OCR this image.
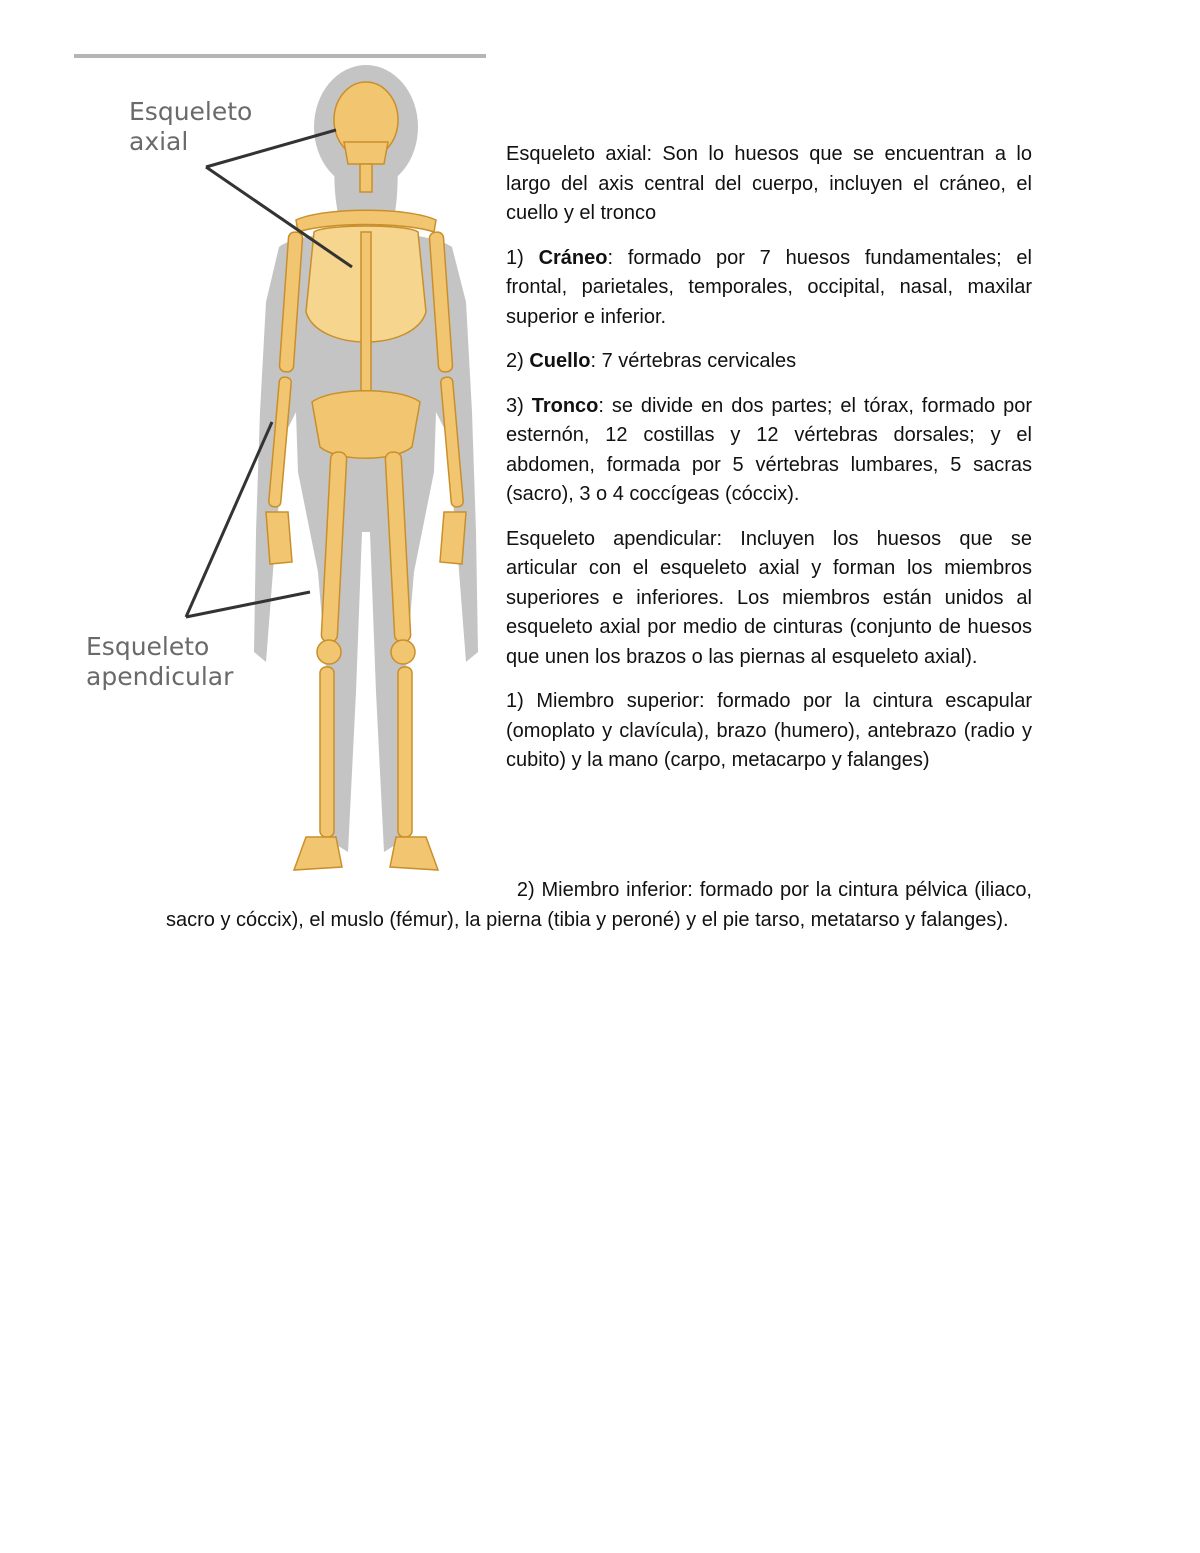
Esqueleto
axial
Esqueleto
apendicular

Esqueleto axial: Son lo huesos que se encuentran a lo largo del axis central del cuerpo, incluyen el cráneo, el cuello y el tronco

1) Cráneo: formado por 7 huesos fundamentales; el frontal, parietales, temporales, occipital, nasal, maxilar superior e inferior.

2) Cuello: 7 vértebras cervicales

3) Tronco: se divide en dos partes; el tórax, formado por esternón, 12 costillas y 12 vértebras dorsales; y el abdomen, formada por 5 vértebras lumbares, 5 sacras (sacro), 3 o 4 coccígeas (cóccix).

Esqueleto apendicular: Incluyen los huesos que se articular con el esqueleto axial y forman los miembros superiores e inferiores. Los miembros están unidos al esqueleto axial por medio de cinturas (conjunto de huesos que unen los brazos o las piernas al esqueleto axial).

1) Miembro superior: formado por la cintura escapular (omoplato y clavícula), brazo (humero), antebrazo (radio y cubito) y la mano (carpo, metacarpo y falanges)

2) Miembro inferior: formado por la cintura pélvica (iliaco, sacro y cóccix), el muslo (fémur), la pierna (tibia y peroné) y el pie tarso, metatarso y falanges).
